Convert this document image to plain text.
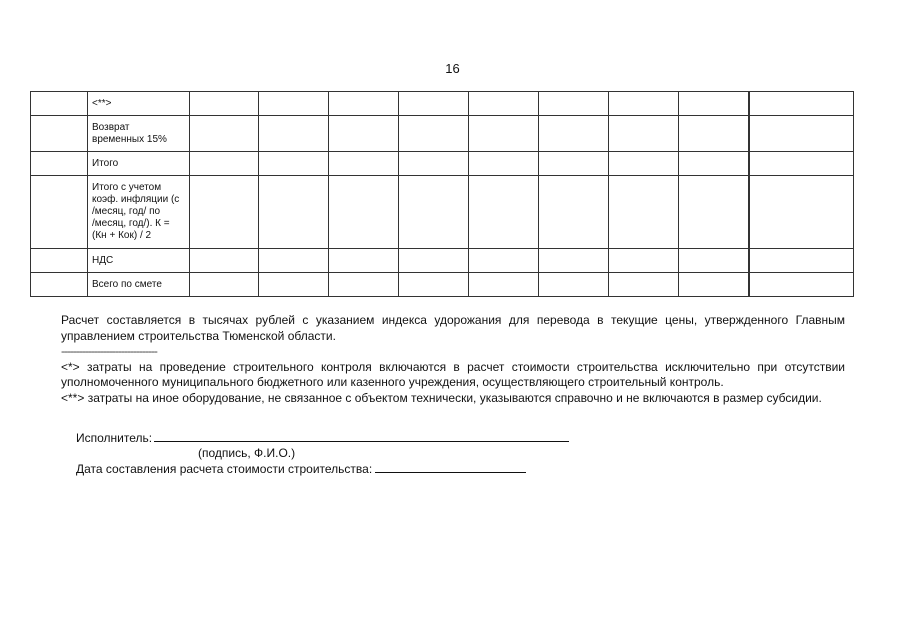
16
	<**>									
	Возврат
временных 15%									
	Итого									
	Итого с учетом
коэф. инфляции (с
/месяц, год/ по
/месяц, год/). К =
(Кн + Кок) / 2									
	НДС									
	Всего по смете									

Расчет составляется в тысячах рублей с указанием индекса удорожания для перевода в текущие цены, утвержденного Главным управлением строительства Тюменской области.

--------------------------------

<*> затраты на проведение строительного контроля включаются в расчет стоимости строительства исключительно при отсутствии уполномоченного муниципального бюджетного или казенного учреждения, осуществляющего строительный контроль.

<**> затраты на иное оборудование, не связанное с объектом технически, указываются справочно и не включаются в размер субсидии.

Исполнитель:
(подпись, Ф.И.О.)
Дата составления расчета стоимости строительства:
